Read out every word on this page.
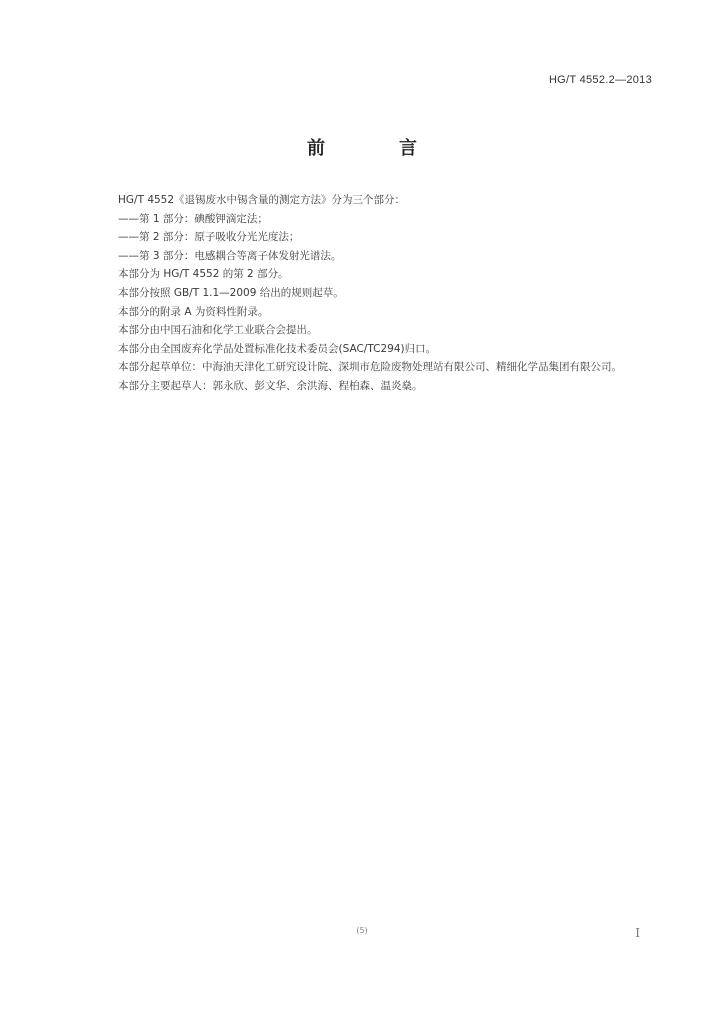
HG/T 4552.2—2013
前　言

HG/T 4552《退锡废水中锡含量的测定方法》分为三个部分：

——第 1 部分：碘酸钾滴定法；

——第 2 部分：原子吸收分光光度法；

——第 3 部分：电感耦合等离子体发射光谱法。

本部分为 HG/T 4552 的第 2 部分。

本部分按照 GB/T 1.1—2009 给出的规则起草。

本部分的附录 A 为资料性附录。

本部分由中国石油和化学工业联合会提出。

本部分由全国废弃化学品处置标准化技术委员会(SAC/TC294)归口。

本部分起草单位：中海油天津化工研究设计院、深圳市危险废物处理站有限公司、精细化学品集团有限公司。

本部分主要起草人：郭永欣、彭文华、余洪海、程柏森、温炎燊。

(5)	I
